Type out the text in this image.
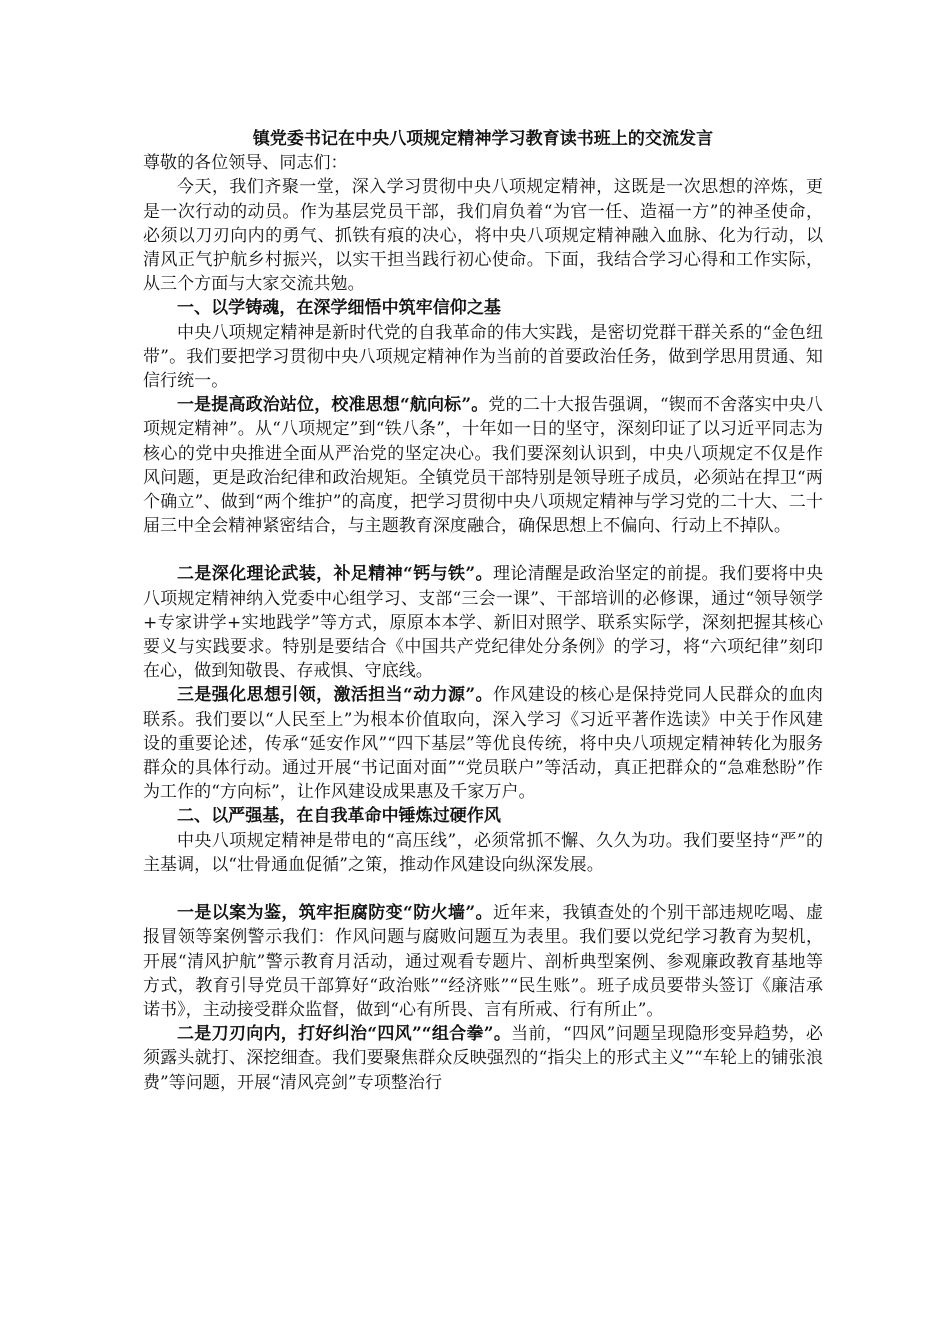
镇党委书记在中央八项规定精神学习教育读书班上的交流发言

尊敬的各位领导、同志们：

今天，我们齐聚一堂，深入学习贯彻中央八项规定精神，这既是一次思想的淬炼，更是一次行动的动员。作为基层党员干部，我们肩负着“为官一任、造福一方”的神圣使命，必须以刀刃向内的勇气、抓铁有痕的决心，将中央八项规定精神融入血脉、化为行动，以清风正气护航乡村振兴，以实干担当践行初心使命。下面，我结合学习心得和工作实际，从三个方面与大家交流共勉。

一、以学铸魂，在深学细悟中筑牢信仰之基

中央八项规定精神是新时代党的自我革命的伟大实践，是密切党群干群关系的“金色纽带”。我们要把学习贯彻中央八项规定精神作为当前的首要政治任务，做到学思用贯通、知信行统一。

一是提高政治站位，校准思想“航向标”。党的二十大报告强调，“锲而不舍落实中央八项规定精神”。从“八项规定”到“铁八条”，十年如一日的坚守，深刻印证了以习近平同志为核心的党中央推进全面从严治党的坚定决心。我们要深刻认识到，中央八项规定不仅是作风问题，更是政治纪律和政治规矩。全镇党员干部特别是领导班子成员，必须站在捍卫“两个确立”、做到“两个维护”的高度，把学习贯彻中央八项规定精神与学习党的二十大、二十届三中全会精神紧密结合，与主题教育深度融合，确保思想上不偏向、行动上不掉队。

二是深化理论武装，补足精神“钙与铁”。理论清醒是政治坚定的前提。我们要将中央八项规定精神纳入党委中心组学习、支部“三会一课”、干部培训的必修课，通过“领导领学+专家讲学+实地践学”等方式，原原本本学、新旧对照学、联系实际学，深刻把握其核心要义与实践要求。特别是要结合《中国共产党纪律处分条例》的学习，将“六项纪律”刻印在心，做到知敬畏、存戒惧、守底线。

三是强化思想引领，激活担当“动力源”。作风建设的核心是保持党同人民群众的血肉联系。我们要以“人民至上”为根本价值取向，深入学习《习近平著作选读》中关于作风建设的重要论述，传承“延安作风”“四下基层”等优良传统，将中央八项规定精神转化为服务群众的具体行动。通过开展“书记面对面”“党员联户”等活动，真正把群众的“急难愁盼”作为工作的“方向标”，让作风建设成果惠及千家万户。

二、以严强基，在自我革命中锤炼过硬作风

中央八项规定精神是带电的“高压线”，必须常抓不懈、久久为功。我们要坚持“严”的主基调，以“壮骨通血促循”之策，推动作风建设向纵深发展。

一是以案为鉴，筑牢拒腐防变“防火墙”。近年来，我镇查处的个别干部违规吃喝、虚报冒领等案例警示我们：作风问题与腐败问题互为表里。我们要以党纪学习教育为契机，开展“清风护航”警示教育月活动，通过观看专题片、剖析典型案例、参观廉政教育基地等方式，教育引导党员干部算好“政治账”“经济账”“民生账”。班子成员要带头签订《廉洁承诺书》，主动接受群众监督，做到“心有所畏、言有所戒、行有所止”。

二是刀刃向内，打好纠治“四风”“组合拳”。当前，“四风”问题呈现隐形变异趋势，必须露头就打、深挖细查。我们要聚焦群众反映强烈的“指尖上的形式主义”“车轮上的铺张浪费”等问题，开展“清风亮剑”专项整治行
